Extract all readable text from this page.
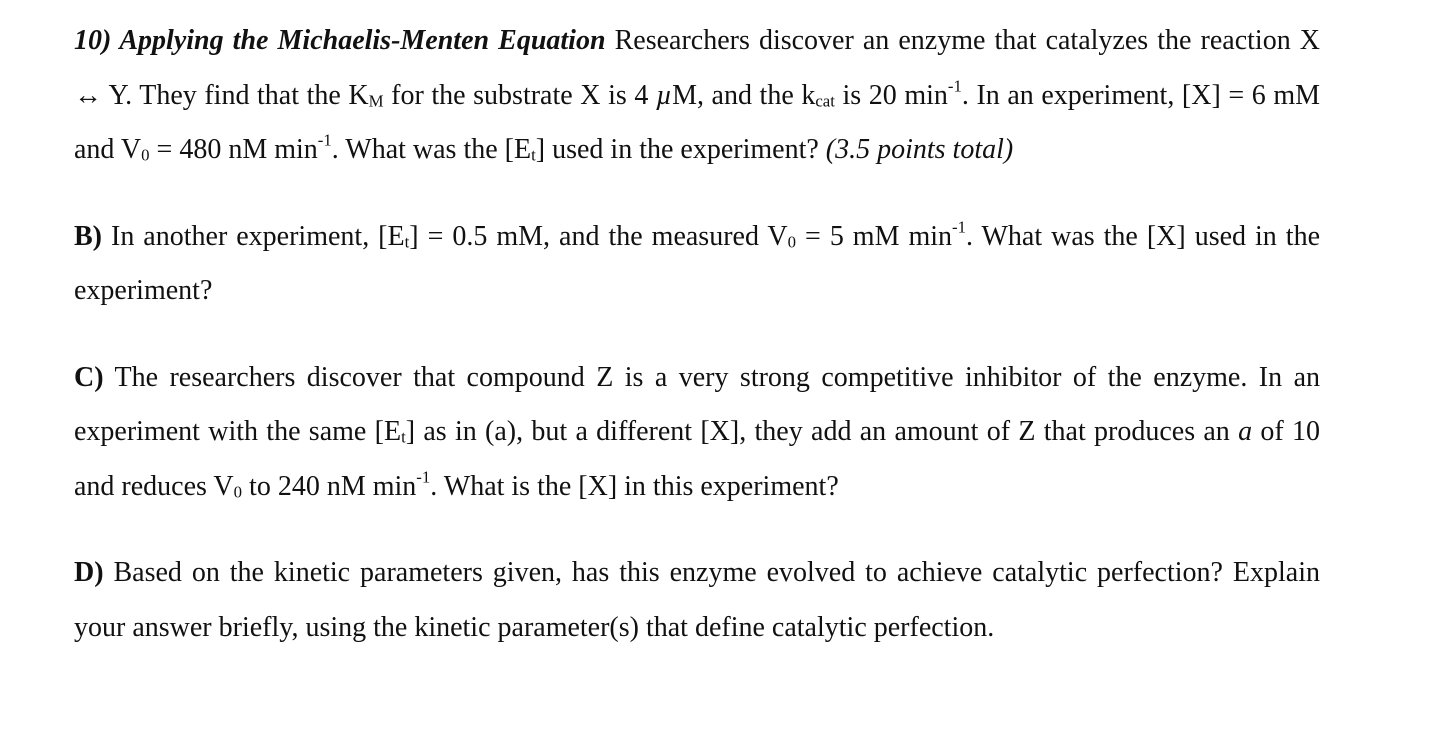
10) Applying the Michaelis-Menten Equation Researchers discover an enzyme that catalyzes the reaction X ↔ Y. They find that the $K_M$ for the substrate X is 4 µM, and the $k_{cat}$ is 20 $\min^{-1}$. In an experiment, [X] = 6 mM and $V_0 = 480$ nM $\min^{-1}$. What was the $[E_t]$ used in the experiment? (3.5 points total)

B) In another experiment, $[E_t] = 0.5$ mM, and the measured $V_0 = 5$ mM $\min^{-1}$. What was the [X] used in the experiment?

C) The researchers discover that compound Z is a very strong competitive inhibitor of the enzyme. In an experiment with the same $[E_t]$ as in (a), but a different [X], they add an amount of Z that produces an a of 10 and reduces $V_0$ to 240 nM $\min^{-1}$. What is the [X] in this experiment?

D) Based on the kinetic parameters given, has this enzyme evolved to achieve catalytic perfection? Explain your answer briefly, using the kinetic parameter(s) that define catalytic perfection.
